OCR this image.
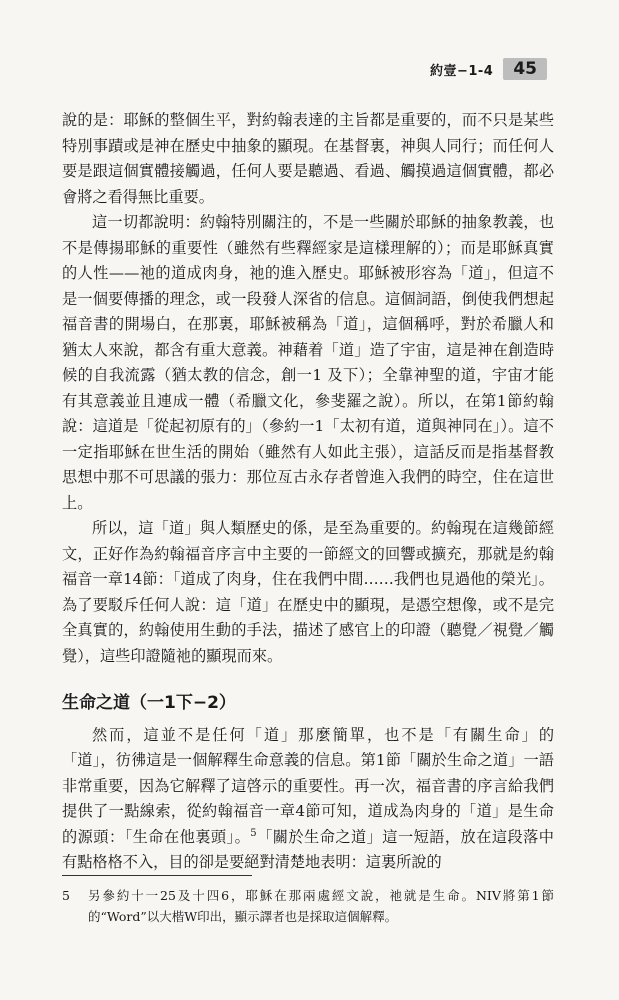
約壹−1-4	45

說的是：耶穌的整個生平，對約翰表達的主旨都是重要的，而不只是某些特別事蹟或是神在歷史中抽象的顯現。在基督裏，神與人同行；而任何人要是跟這個實體接觸過，任何人要是聽過、看過、觸摸過這個實體，都必會將之看得無比重要。

這一切都說明：約翰特別關注的，不是一些關於耶穌的抽象教義，也不是傳揚耶穌的重要性（雖然有些釋經家是這樣理解的）；而是耶穌真實的人性——祂的道成肉身，祂的進入歷史。耶穌被形容為「道」，但這不是一個要傳播的理念，或一段發人深省的信息。這個詞語，倒使我們想起福音書的開場白，在那裏，耶穌被稱為「道」，這個稱呼，對於希臘人和猶太人來說，都含有重大意義。神藉着「道」造了宇宙，這是神在創造時候的自我流露（猶太教的信念，創一1 及下）；全靠神聖的道，宇宙才能有其意義並且連成一體（希臘文化，參斐羅之說）。所以，在第1節約翰說：這道是「從起初原有的」（參約一1「太初有道，道與神同在」）。這不一定指耶穌在世生活的開始（雖然有人如此主張），這話反而是指基督教思想中那不可思議的張力：那位亙古永存者曾進入我們的時空，住在這世上。

所以，這「道」與人類歷史的係，是至為重要的。約翰現在這幾節經文，正好作為約翰福音序言中主要的一節經文的回響或擴充，那就是約翰福音一章14節：「道成了肉身，住在我們中間……我們也見過他的榮光」。為了要駁斥任何人說：這「道」在歷史中的顯現，是憑空想像，或不是完全真實的，約翰使用生動的手法，描述了感官上的印證（聽覺／視覺／觸覺），這些印證隨祂的顯現而來。

生命之道（一1下−2）

然而，這並不是任何「道」那麼簡單，也不是「有關生命」的「道」，彷彿這是一個解釋生命意義的信息。第1節「關於生命之道」一語非常重要，因為它解釋了這啓示的重要性。再一次，福音書的序言給我們提供了一點線索，從約翰福音一章4節可知，道成為肉身的「道」是生命的源頭：「生命在他裏頭」。$^5$「關於生命之道」這一短語，放在這段落中有點格格不入，目的卻是要絕對清楚地表明：這裏所說的

5	另參約十一25及十四6，耶穌在那兩處經文說，祂就是生命。NIV將第1節的“Word”以大楷W印出，顯示譯者也是採取這個解釋。
